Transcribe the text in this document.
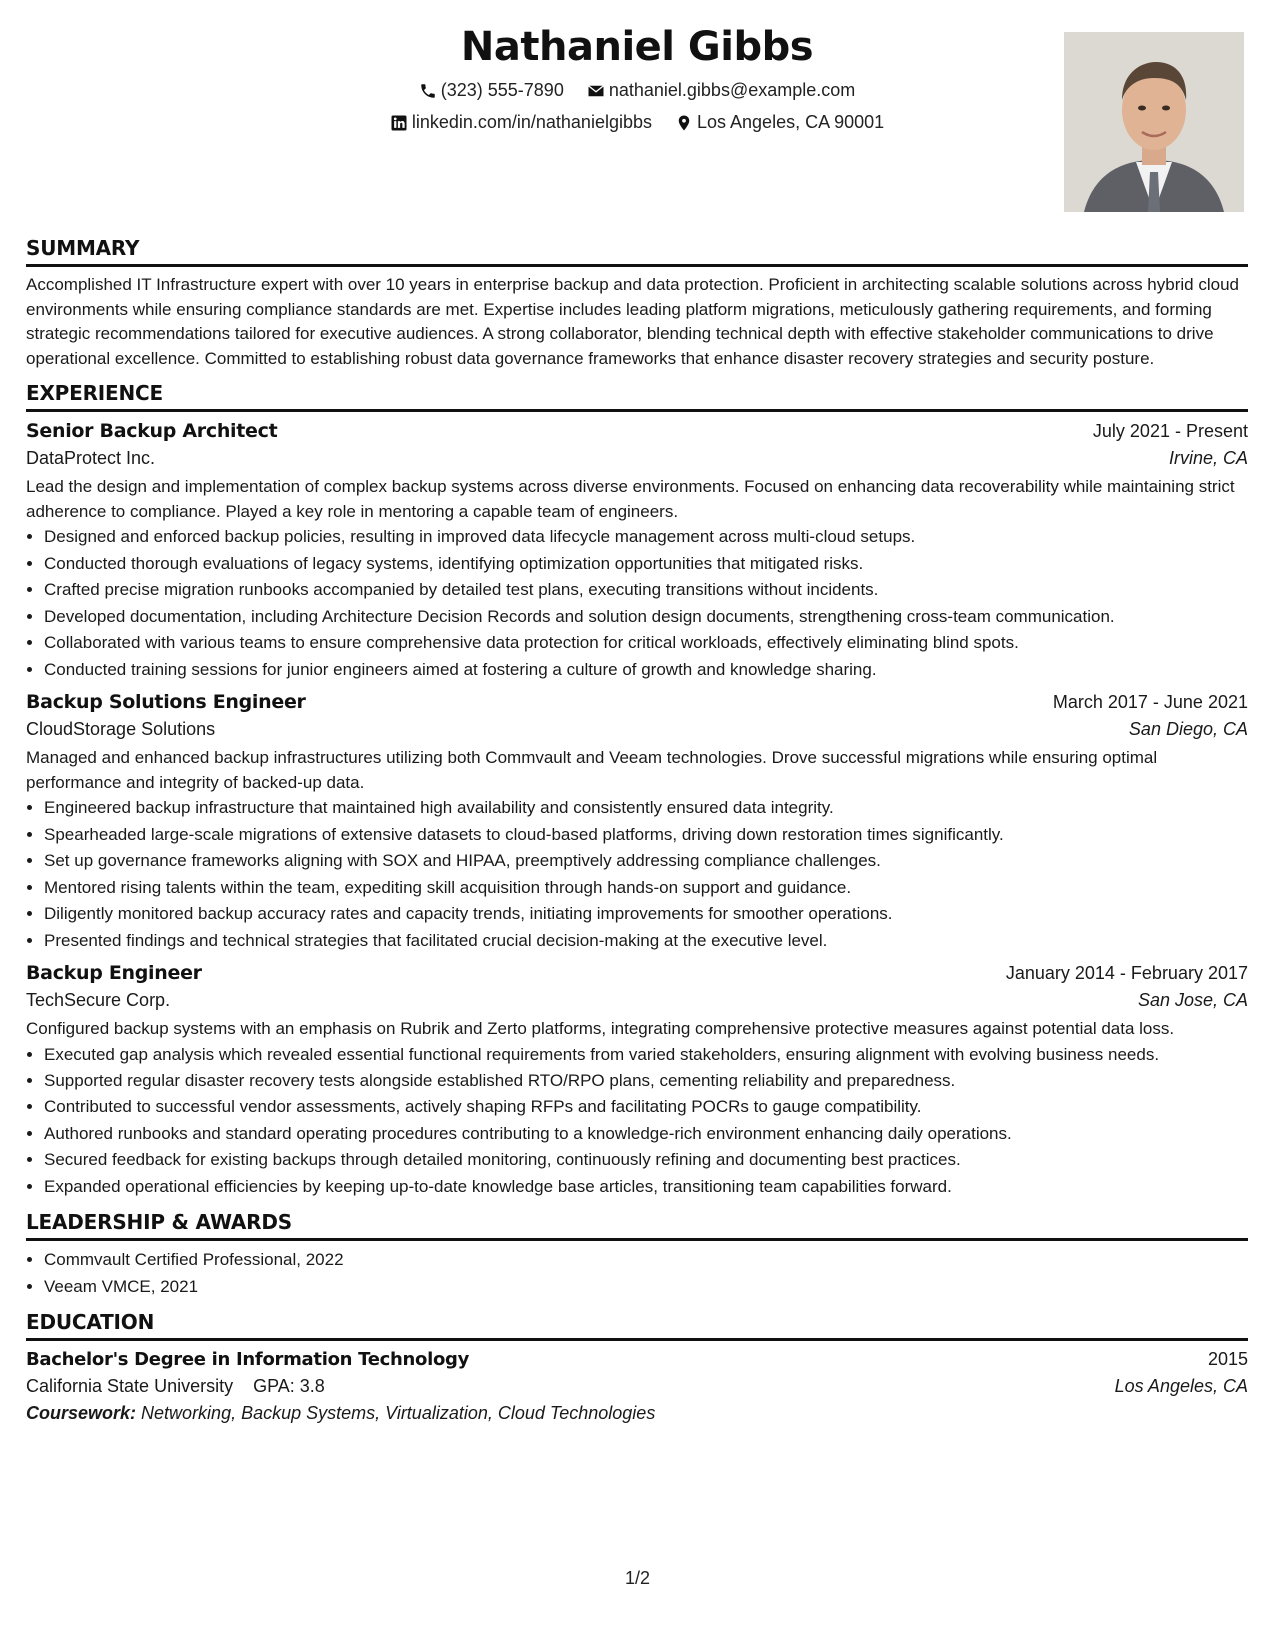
Nathaniel Gibbs
(323) 555-7890
	nathaniel.gibbs@example.com
linkedin.com/in/nathanielgibbs
	Los Angeles, CA 90001
SUMMARY

Accomplished IT Infrastructure expert with over 10 years in enterprise backup and data protection. Proficient in architecting scalable solutions across hybrid cloud environments while ensuring compliance standards are met. Expertise includes leading platform migrations, meticulously gathering requirements, and forming strategic recommendations tailored for executive audiences. A strong collaborator, blending technical depth with effective stakeholder communications to drive operational excellence. Committed to establishing robust data governance frameworks that enhance disaster recovery strategies and security posture.

EXPERIENCE
Senior Backup Architect	July 2021 - Present
DataProtect Inc.	Irvine, CA

Lead the design and implementation of complex backup systems across diverse environments. Focused on enhancing data recoverability while maintaining strict adherence to compliance. Played a key role in mentoring a capable team of engineers.

• Designed and enforced backup policies, resulting in improved data lifecycle management across multi-cloud setups.
• Conducted thorough evaluations of legacy systems, identifying optimization opportunities that mitigated risks.
• Crafted precise migration runbooks accompanied by detailed test plans, executing transitions without incidents.
• Developed documentation, including Architecture Decision Records and solution design documents, strengthening cross-team communication.
• Collaborated with various teams to ensure comprehensive data protection for critical workloads, effectively eliminating blind spots.
• Conducted training sessions for junior engineers aimed at fostering a culture of growth and knowledge sharing.
Backup Solutions Engineer	March 2017 - June 2021
CloudStorage Solutions	San Diego, CA

Managed and enhanced backup infrastructures utilizing both Commvault and Veeam technologies. Drove successful migrations while ensuring optimal performance and integrity of backed-up data.

• Engineered backup infrastructure that maintained high availability and consistently ensured data integrity.
• Spearheaded large-scale migrations of extensive datasets to cloud-based platforms, driving down restoration times significantly.
• Set up governance frameworks aligning with SOX and HIPAA, preemptively addressing compliance challenges.
• Mentored rising talents within the team, expediting skill acquisition through hands-on support and guidance.
• Diligently monitored backup accuracy rates and capacity trends, initiating improvements for smoother operations.
• Presented findings and technical strategies that facilitated crucial decision-making at the executive level.
Backup Engineer	January 2014 - February 2017
TechSecure Corp.	San Jose, CA

Configured backup systems with an emphasis on Rubrik and Zerto platforms, integrating comprehensive protective measures against potential data loss.

• Executed gap analysis which revealed essential functional requirements from varied stakeholders, ensuring alignment with evolving business needs.
• Supported regular disaster recovery tests alongside established RTO/RPO plans, cementing reliability and preparedness.
• Contributed to successful vendor assessments, actively shaping RFPs and facilitating POCRs to gauge compatibility.
• Authored runbooks and standard operating procedures contributing to a knowledge-rich environment enhancing daily operations.
• Secured feedback for existing backups through detailed monitoring, continuously refining and documenting best practices.
• Expanded operational efficiencies by keeping up-to-date knowledge base articles, transitioning team capabilities forward.
LEADERSHIP & AWARDS
• Commvault Certified Professional, 2022
• Veeam VMCE, 2021
EDUCATION
Bachelor's Degree in Information Technology	2015
California State University GPA: 3.8	Los Angeles, CA
Coursework: Networking, Backup Systems, Virtualization, Cloud Technologies
1/2
